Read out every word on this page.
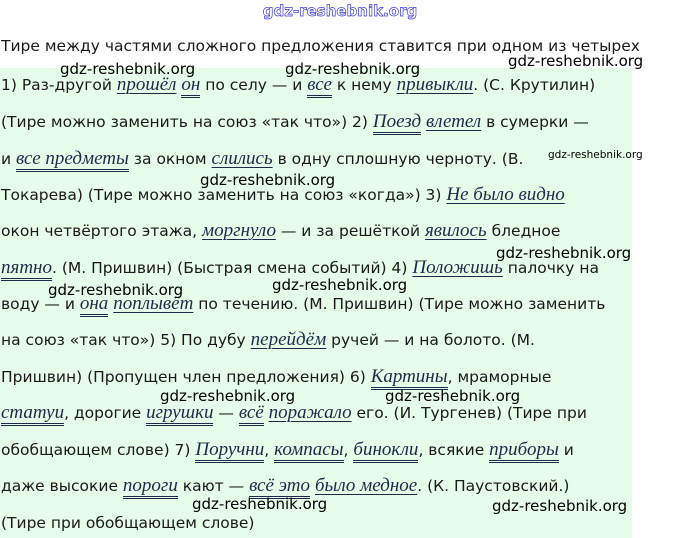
gdz-reshebnik.org
Тире между частями сложного предложения ставится при одном из четырех
1) Раз-другой прошёл он по селу — и все к нему привыкли. (С. Крутилин)
(Тире можно заменить на союз «так что») 2) Поезд влетел в сумерки —
и все предметы за окном слились в одну сплошную черноту. (В.
Токарева) (Тире можно заменить на союз «когда») 3) Не было видно
окон четвёртого этажа, моргнуло — и за решёткой явилось бледное
пятно. (М. Пришвин) (Быстрая смена событий) 4) Положишь палочку на
воду — и она поплывёт по течению. (М. Пришвин) (Тире можно заменить
на союз «так что») 5) По дубу перейдём ручей — и на болото. (М.
Пришвин) (Пропущен член предложения) 6) Картины, мраморные
статуи, дорогие игрушки — всё поражало его. (И. Тургенев) (Тире при
обобщающем слове) 7) Поручни, компасы, бинокли, всякие приборы и
даже высокие пороги кают — всё это было медное. (К. Паустовский.)
(Тире при обобщающем слове)
gdz-reshebnik.org	gdz-reshebnik.org	gdz-reshebnik.org
gdz-reshebnik.org
gdz-reshebnik.org
gdz-reshebnik.org
gdz-reshebnik.org	gdz-reshebnik.org
gdz-reshebnik.org	gdz-reshebnik.org
gdz-reshebnik.org	gdz-reshebnik.org
